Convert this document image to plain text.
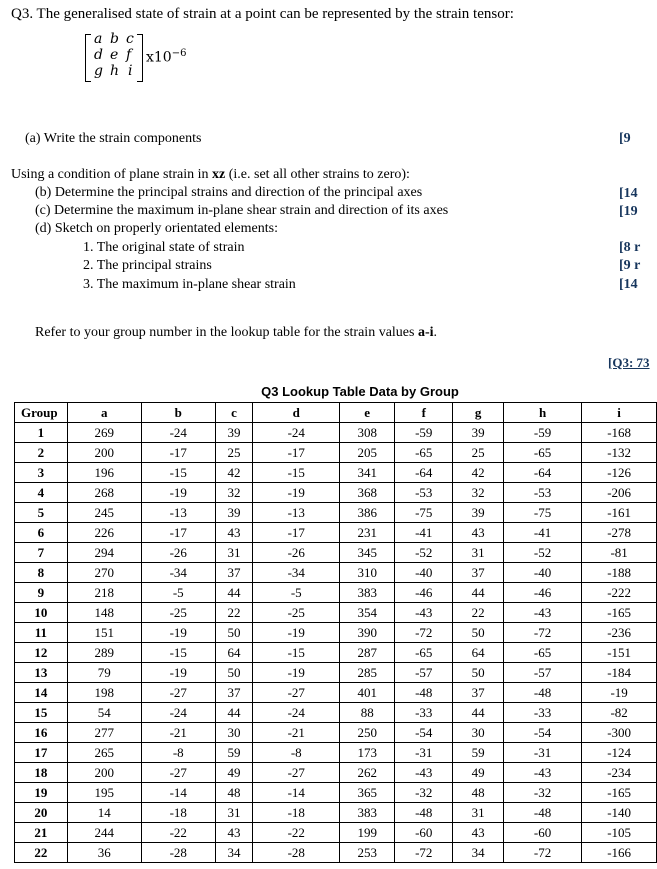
Q3. The generalised state of strain at a point can be represented by the strain tensor:
a b c
d e f
g h i
$x10^{-6}$
(a) Write the strain components	[9
Using a condition of plane strain in xz (i.e. set all other strains to zero):
(b) Determine the principal strains and direction of the principal axes	[14
(c) Determine the maximum in-plane shear strain and direction of its axes	[19
(d) Sketch on properly orientated elements:
1. The original state of strain	[8 r
2. The principal strains	[9 r
3. The maximum in-plane shear strain	[14
Refer to your group number in the lookup table for the strain values a-i.
[Q3: 73
Q3 Lookup Table Data by Group
Group	a	b	c	d	e	f	g	h	i
1	269	-24	39	-24	308	-59	39	-59	-168
2	200	-17	25	-17	205	-65	25	-65	-132
3	196	-15	42	-15	341	-64	42	-64	-126
4	268	-19	32	-19	368	-53	32	-53	-206
5	245	-13	39	-13	386	-75	39	-75	-161
6	226	-17	43	-17	231	-41	43	-41	-278
7	294	-26	31	-26	345	-52	31	-52	-81
8	270	-34	37	-34	310	-40	37	-40	-188
9	218	-5	44	-5	383	-46	44	-46	-222
10	148	-25	22	-25	354	-43	22	-43	-165
11	151	-19	50	-19	390	-72	50	-72	-236
12	289	-15	64	-15	287	-65	64	-65	-151
13	79	-19	50	-19	285	-57	50	-57	-184
14	198	-27	37	-27	401	-48	37	-48	-19
15	54	-24	44	-24	88	-33	44	-33	-82
16	277	-21	30	-21	250	-54	30	-54	-300
17	265	-8	59	-8	173	-31	59	-31	-124
18	200	-27	49	-27	262	-43	49	-43	-234
19	195	-14	48	-14	365	-32	48	-32	-165
20	14	-18	31	-18	383	-48	31	-48	-140
21	244	-22	43	-22	199	-60	43	-60	-105
22	36	-28	34	-28	253	-72	34	-72	-166
